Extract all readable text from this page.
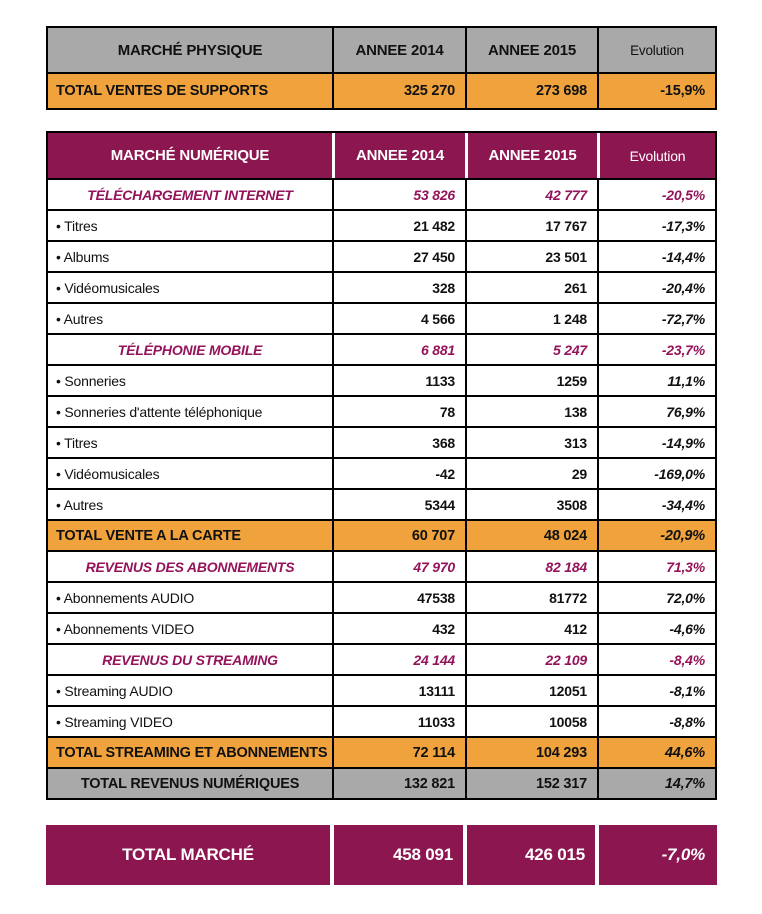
MARCHÉ PHYSIQUE	ANNEE 2014	ANNEE 2015	Evolution
TOTAL VENTES DE SUPPORTS	325 270	273 698	-15,9%
MARCHÉ NUMÉRIQUE	ANNEE 2014	ANNEE 2015	Evolution
TÉLÉCHARGEMENT INTERNET	53 826	42 777	-20,5%
• Titres	21 482	17 767	-17,3%
• Albums	27 450	23 501	-14,4%
• Vidéomusicales	328	261	-20,4%
• Autres	4 566	1 248	-72,7%
TÉLÉPHONIE MOBILE	6 881	5 247	-23,7%
• Sonneries	1133	1259	11,1%
• Sonneries d'attente téléphonique	78	138	76,9%
• Titres	368	313	-14,9%
• Vidéomusicales	-42	29	-169,0%
• Autres	5344	3508	-34,4%
TOTAL VENTE A LA CARTE	60 707	48 024	-20,9%
REVENUS DES ABONNEMENTS	47 970	82 184	71,3%
• Abonnements AUDIO	47538	81772	72,0%
• Abonnements VIDEO	432	412	-4,6%
REVENUS DU STREAMING	24 144	22 109	-8,4%
• Streaming AUDIO	13111	12051	-8,1%
• Streaming VIDEO	11033	10058	-8,8%
TOTAL STREAMING ET ABONNEMENTS	72 114	104 293	44,6%
TOTAL REVENUS NUMÉRIQUES	132 821	152 317	14,7%
TOTAL MARCHÉ	458 091	426 015	-7,0%
